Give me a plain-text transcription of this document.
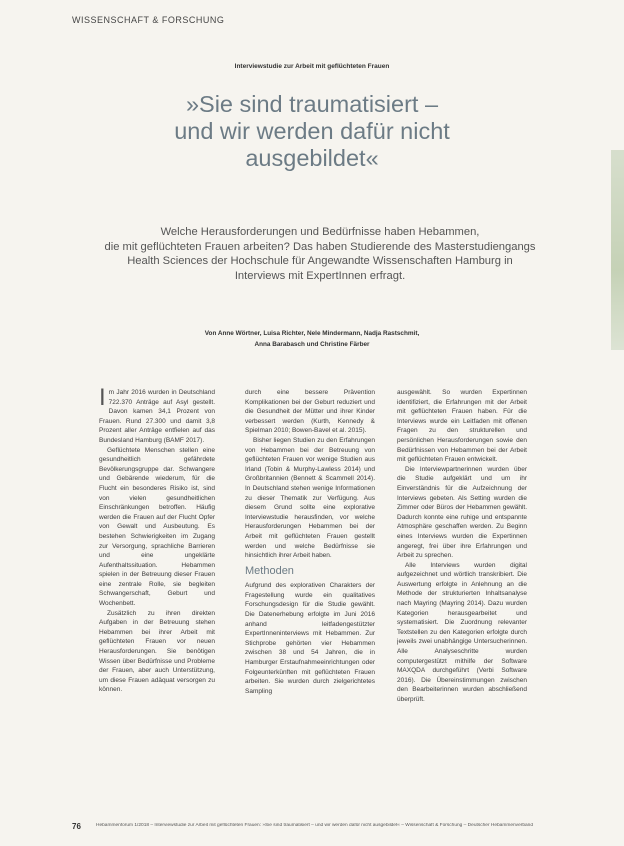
WISSENSCHAFT & FORSCHUNG
Interviewstudie zur Arbeit mit geflüchteten Frauen
»Sie sind traumatisiert –
und wir werden dafür nicht
ausgebildet«
Welche Herausforderungen und Bedürfnisse haben Hebammen,
die mit geflüchteten Frauen arbeiten? Das haben Studierende des Masterstudiengangs
Health Sciences der Hochschule für Angewandte Wissenschaften Hamburg in
Interviews mit ExpertInnen erfragt.
Von Anne Wörtner, Luisa Richter, Nele Mindermann, Nadja Rastschmit,
Anna Barabasch und Christine Färber

Im Jahr 2016 wurden in Deutschland 722.370 Anträge auf Asyl gestellt. Davon kamen 34,1 Prozent von Frauen. Rund 27.300 und damit 3,8 Prozent aller Anträge entfielen auf das Bundesland Hamburg (BAMF 2017).

Geflüchtete Menschen stellen eine gesundheitlich gefährdete Bevölkerungsgruppe dar. Schwangere und Gebärende wiederum, für die Flucht ein besonderes Risiko ist, sind von vielen gesundheitlichen Einschränkungen betroffen. Häufig werden die Frauen auf der Flucht Opfer von Gewalt und Ausbeutung. Es bestehen Schwierigkeiten im Zugang zur Versorgung, sprachliche Barrieren und eine ungeklärte Aufenthaltssituation. Hebammen spielen in der Betreuung dieser Frauen eine zentrale Rolle, sie begleiten Schwangerschaft, Geburt und Wochenbett.

Zusätzlich zu ihren direkten Aufgaben in der Betreuung stehen Hebammen bei ihrer Arbeit mit geflüchteten Frauen vor neuen Herausforderungen. Sie benötigen Wissen über Bedürfnisse und Probleme der Frauen, aber auch Unterstützung, um diese Frauen adäquat versorgen zu können.

durch eine bessere Prävention Komplikationen bei der Geburt reduziert und die Gesundheit der Mütter und ihrer Kinder verbessert werden (Kurth, Kennedy & Spielman 2010; Bowen-Bavel et al. 2015).

Bisher liegen Studien zu den Erfahrungen von Hebammen bei der Betreuung von geflüchteten Frauen vor wenige Studien aus Irland (Tobin & Murphy-Lawless 2014) und Großbritannien (Bennett & Scammell 2014). In Deutschland stehen wenige Informationen zu dieser Thematik zur Verfügung. Aus diesem Grund sollte eine explorative Interviewstudie herausfinden, vor welche Herausforderungen Hebammen bei der Arbeit mit geflüchteten Frauen gestellt werden und welche Bedürfnisse sie hinsichtlich ihrer Arbeit haben.

Methoden

Aufgrund des explorativen Charakters der Fragestellung wurde ein qualitatives Forschungsdesign für die Studie gewählt. Die Datenerhebung erfolgte im Juni 2016 anhand leitfadengestützter ExpertInneninterviews mit Hebammen. Zur Stichprobe gehörten vier Hebammen zwischen 38 und 54 Jahren, die in Hamburger Erstaufnahmeeinrichtungen oder Folgeunterkünften mit geflüchteten Frauen arbeiten. Sie wurden durch zielgerichtetes Sampling

ausgewählt. So wurden Expertinnen identifiziert, die Erfahrungen mit der Arbeit mit geflüchteten Frauen haben. Für die Interviews wurde ein Leitfaden mit offenen Fragen zu den strukturellen und persönlichen Herausforderungen sowie den Bedürfnissen von Hebammen bei der Arbeit mit geflüchteten Frauen entwickelt.

Die Interviewpartnerinnen wurden über die Studie aufgeklärt und um ihr Einverständnis für die Aufzeichnung der Interviews gebeten. Als Setting wurden die Zimmer oder Büros der Hebammen gewählt. Dadurch konnte eine ruhige und entspannte Atmosphäre geschaffen werden. Zu Beginn eines Interviews wurden die Expertinnen angeregt, frei über ihre Erfahrungen und Arbeit zu sprechen.

Alle Interviews wurden digital aufgezeichnet und wörtlich transkribiert. Die Auswertung erfolgte in Anlehnung an die Methode der strukturierten Inhaltsanalyse nach Mayring (Mayring 2014). Dazu wurden Kategorien herausgearbeitet und systematisiert. Die Zuordnung relevanter Textstellen zu den Kategorien erfolgte durch jeweils zwei unabhängige Untersucherinnen. Alle Analyseschritte wurden computergestützt mithilfe der Software MAXQDA durchgeführt (Verbi Software 2016). Die Übereinstimmungen zwischen den Bearbeiterinnen wurden abschließend überprüft.

76	Hebammenforum 1/2018 – Interviewstudie zur Arbeit mit geflüchteten Frauen: »Sie sind traumatisiert – und wir werden dafür nicht ausgebildet« – Wissenschaft & Forschung – Deutscher Hebammenverband
